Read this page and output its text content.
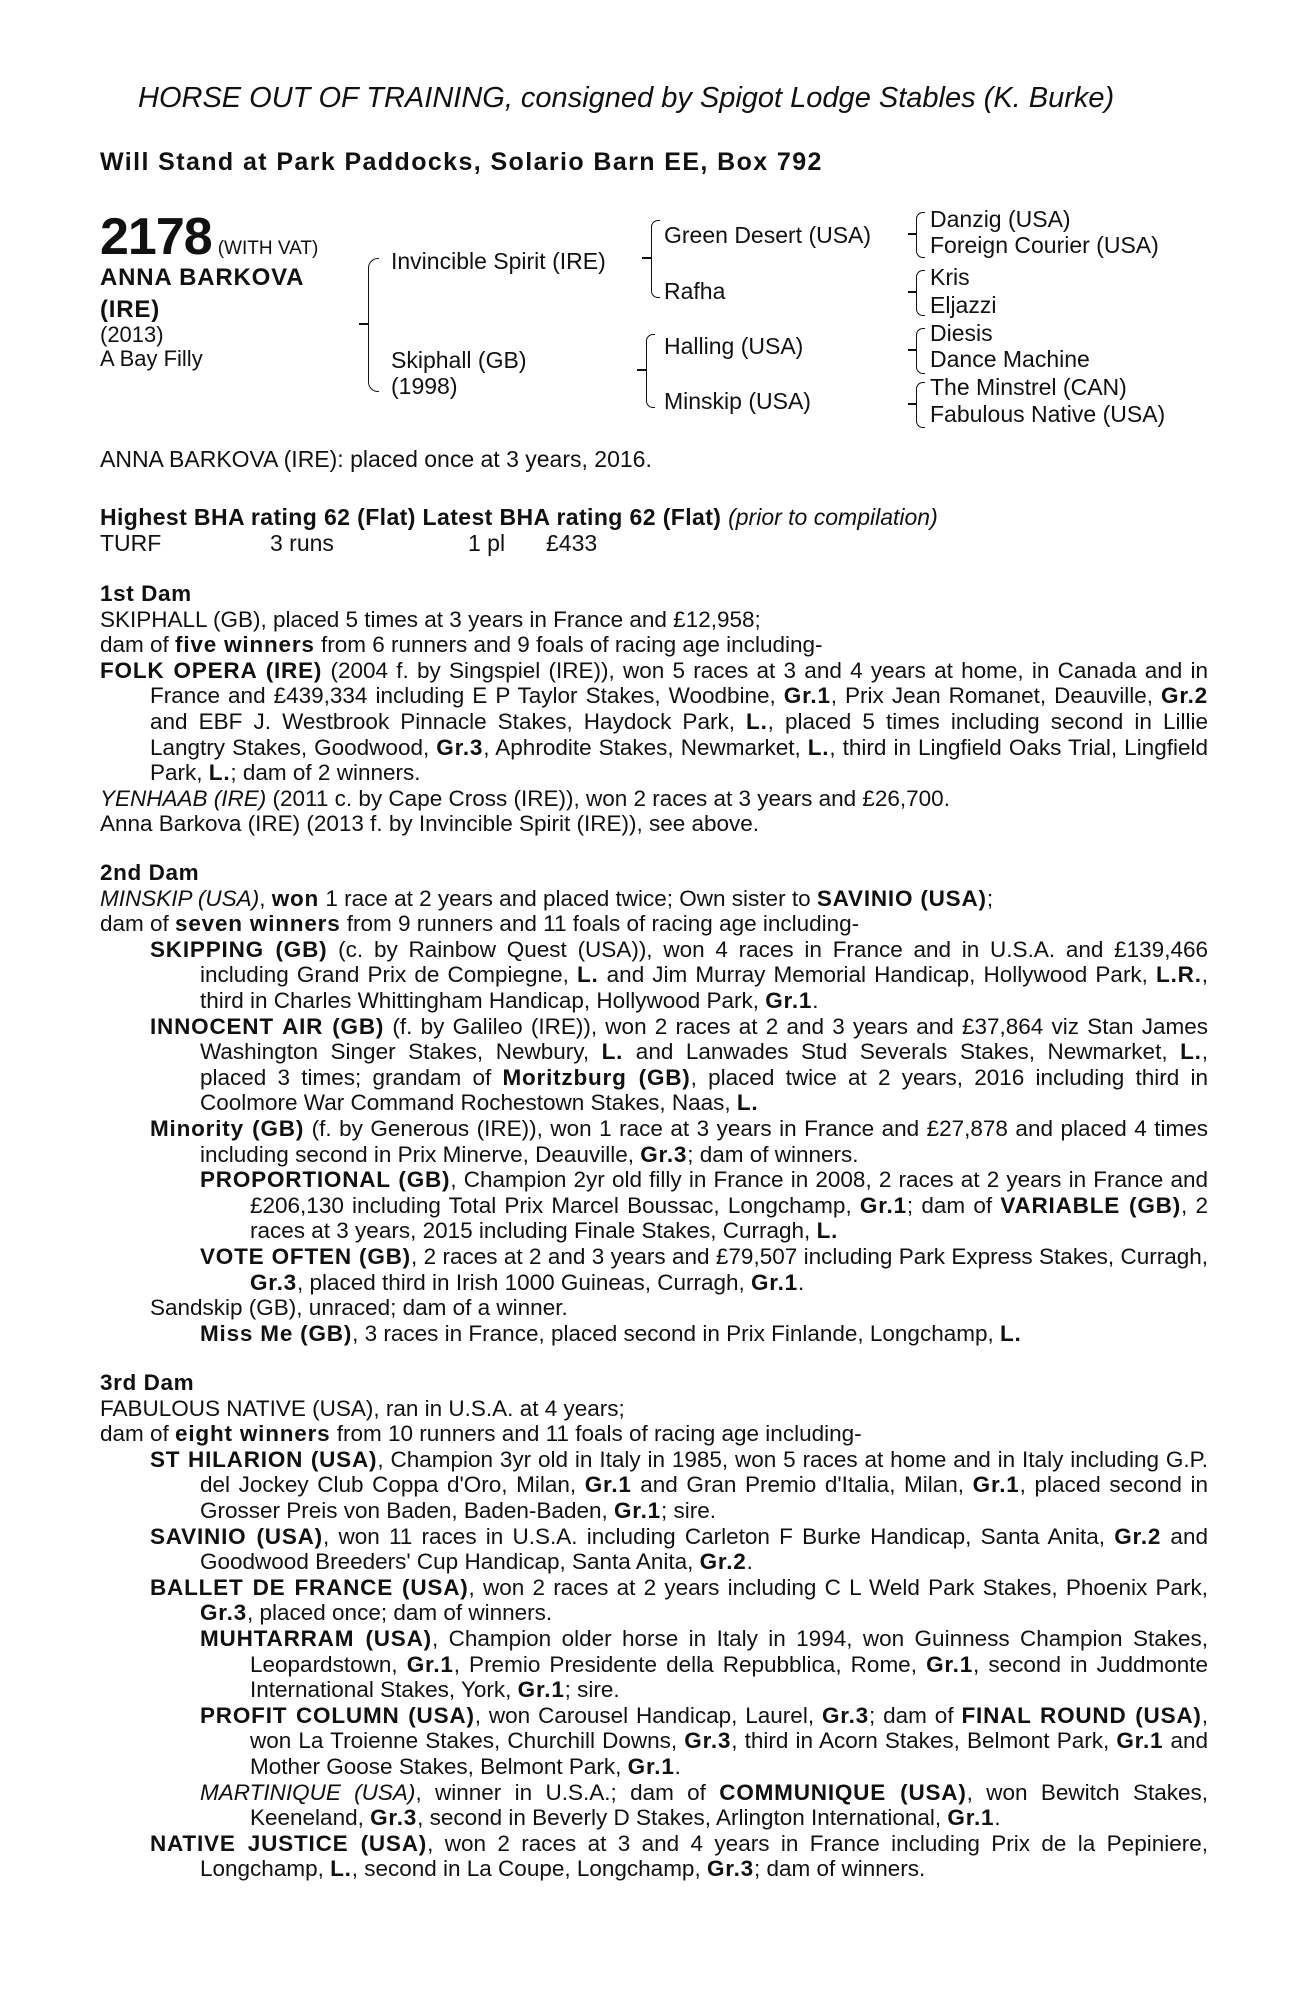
HORSE OUT OF TRAINING, consigned by Spigot Lodge Stables (K. Burke)
Will Stand at Park Paddocks, Solario Barn EE, Box 792
2178 (WITH VAT)
ANNA BARKOVA
(IRE)
(2013)
A Bay Filly
Invincible Spirit (IRE)
Skiphall (GB)
(1998)
Green Desert (USA)
Rafha
Halling (USA)
Minskip (USA)
Danzig (USA)
Foreign Courier (USA)
Kris
Eljazzi
Diesis
Dance Machine
The Minstrel (CAN)
Fabulous Native (USA)
ANNA BARKOVA (IRE): placed once at 3 years, 2016.
Highest BHA rating 62 (Flat) Latest BHA rating 62 (Flat) (prior to compilation)
TURF	3 runs	1 pl £433
1st Dam

SKIPHALL (GB), placed 5 times at 3 years in France and £12,958;

dam of five winners from 6 runners and 9 foals of racing age including-

FOLK OPERA (IRE) (2004 f. by Singspiel (IRE)), won 5 races at 3 and 4 years at home, in Canada and in France and £439,334 including E P Taylor Stakes, Woodbine, Gr.1, Prix Jean Romanet, Deauville, Gr.2 and EBF J. Westbrook Pinnacle Stakes, Haydock Park, L., placed 5 times including second in Lillie Langtry Stakes, Goodwood, Gr.3, Aphrodite Stakes, Newmarket, L., third in Lingfield Oaks Trial, Lingfield Park, L.; dam of 2 winners.

YENHAAB (IRE) (2011 c. by Cape Cross (IRE)), won 2 races at 3 years and £26,700.

Anna Barkova (IRE) (2013 f. by Invincible Spirit (IRE)), see above.

2nd Dam

MINSKIP (USA), won 1 race at 2 years and placed twice; Own sister to SAVINIO (USA);

dam of seven winners from 9 runners and 11 foals of racing age including-

SKIPPING (GB) (c. by Rainbow Quest (USA)), won 4 races in France and in U.S.A. and £139,466 including Grand Prix de Compiegne, L. and Jim Murray Memorial Handicap, Hollywood Park, L.R., third in Charles Whittingham Handicap, Hollywood Park, Gr.1.

INNOCENT AIR (GB) (f. by Galileo (IRE)), won 2 races at 2 and 3 years and £37,864 viz Stan James Washington Singer Stakes, Newbury, L. and Lanwades Stud Severals Stakes, Newmarket, L., placed 3 times; grandam of Moritzburg (GB), placed twice at 2 years, 2016 including third in Coolmore War Command Rochestown Stakes, Naas, L.

Minority (GB) (f. by Generous (IRE)), won 1 race at 3 years in France and £27,878 and placed 4 times including second in Prix Minerve, Deauville, Gr.3; dam of winners.

PROPORTIONAL (GB), Champion 2yr old filly in France in 2008, 2 races at 2 years in France and £206,130 including Total Prix Marcel Boussac, Longchamp, Gr.1; dam of VARIABLE (GB), 2 races at 3 years, 2015 including Finale Stakes, Curragh, L.

VOTE OFTEN (GB), 2 races at 2 and 3 years and £79,507 including Park Express Stakes, Curragh, Gr.3, placed third in Irish 1000 Guineas, Curragh, Gr.1.

Sandskip (GB), unraced; dam of a winner.

Miss Me (GB), 3 races in France, placed second in Prix Finlande, Longchamp, L.

3rd Dam

FABULOUS NATIVE (USA), ran in U.S.A. at 4 years;

dam of eight winners from 10 runners and 11 foals of racing age including-

ST HILARION (USA), Champion 3yr old in Italy in 1985, won 5 races at home and in Italy including G.P. del Jockey Club Coppa d'Oro, Milan, Gr.1 and Gran Premio d'Italia, Milan, Gr.1, placed second in Grosser Preis von Baden, Baden-Baden, Gr.1; sire.

SAVINIO (USA), won 11 races in U.S.A. including Carleton F Burke Handicap, Santa Anita, Gr.2 and Goodwood Breeders' Cup Handicap, Santa Anita, Gr.2.

BALLET DE FRANCE (USA), won 2 races at 2 years including C L Weld Park Stakes, Phoenix Park, Gr.3, placed once; dam of winners.

MUHTARRAM (USA), Champion older horse in Italy in 1994, won Guinness Champion Stakes, Leopardstown, Gr.1, Premio Presidente della Repubblica, Rome, Gr.1, second in Juddmonte International Stakes, York, Gr.1; sire.

PROFIT COLUMN (USA), won Carousel Handicap, Laurel, Gr.3; dam of FINAL ROUND (USA), won La Troienne Stakes, Churchill Downs, Gr.3, third in Acorn Stakes, Belmont Park, Gr.1 and Mother Goose Stakes, Belmont Park, Gr.1.

MARTINIQUE (USA), winner in U.S.A.; dam of COMMUNIQUE (USA), won Bewitch Stakes, Keeneland, Gr.3, second in Beverly D Stakes, Arlington International, Gr.1.

NATIVE JUSTICE (USA), won 2 races at 3 and 4 years in France including Prix de la Pepiniere, Longchamp, L., second in La Coupe, Longchamp, Gr.3; dam of winners.
